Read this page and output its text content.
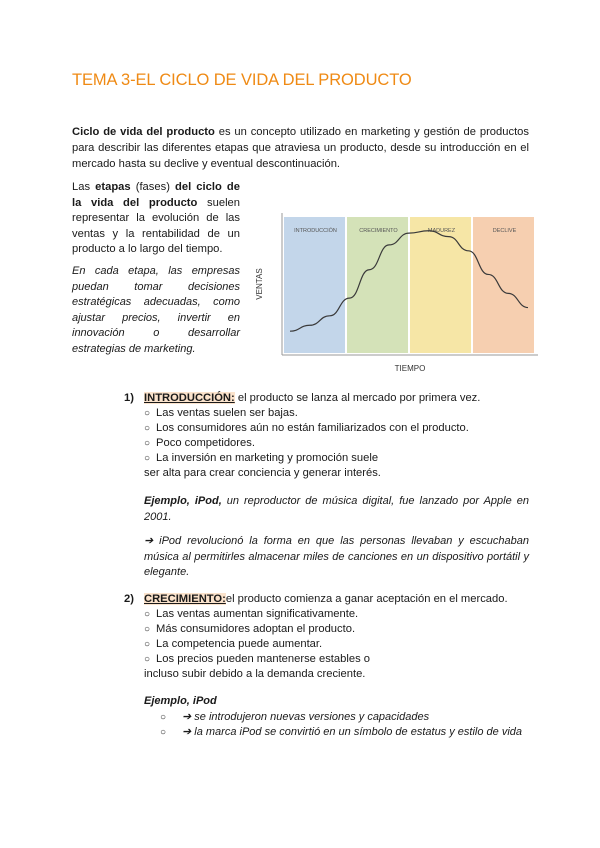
TEMA 3-EL CICLO DE VIDA DEL PRODUCTO
Ciclo de vida del producto es un concepto utilizado en marketing y gestión de productos para describir las diferentes etapas que atraviesa un producto, desde su introducción en el mercado hasta su declive y eventual descontinuación.
Las etapas (fases) del ciclo de la vida del producto suelen representar la evolución de las ventas y la rentabilidad de un producto a lo largo del tiempo.
En cada etapa, las empresas puedan tomar decisiones estratégicas adecuadas, como ajustar precios, invertir en innovación o desarrollar estrategias de marketing.
INTRODUCCIÓN	CRECIMIENTO	MADUREZ	DECLIVE
VENTAS
TIEMPO
1) INTRODUCCIÓN: el producto se lanza al mercado por primera vez.
○ Las ventas suelen ser bajas.
○ Los consumidores aún no están familiarizados con el producto.
○ Poco competidores.
○ La inversión en marketing y promoción suele
ser alta para crear conciencia y generar interés.
Ejemplo, iPod, un reproductor de música digital, fue lanzado por Apple en 2001.
➔ iPod revolucionó la forma en que las personas llevaban y escuchaban música al permitirles almacenar miles de canciones en un dispositivo portátil y elegante.
2) CRECIMIENTO:el producto comienza a ganar aceptación en el mercado.
○ Las ventas aumentan significativamente.
○ Más consumidores adoptan el producto.
○ La competencia puede aumentar.
○ Los precios pueden mantenerse estables o
incluso subir debido a la demanda creciente.
Ejemplo, iPod
○	➔ se introdujeron nuevas versiones y capacidades
○	➔ la marca iPod se convirtió en un símbolo de estatus y estilo de vida
